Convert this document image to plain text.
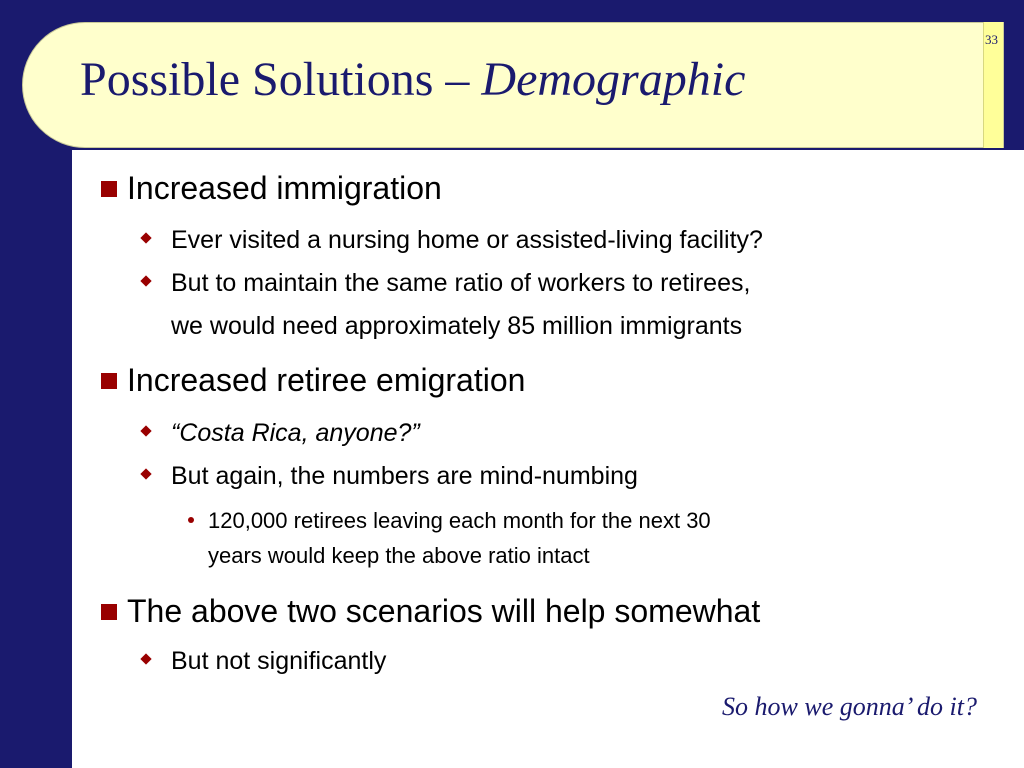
33
Possible Solutions – Demographic
Increased immigration
Ever visited a nursing home or assisted-living facility?
But to maintain the same ratio of workers to retirees,
we would need approximately 85 million immigrants
Increased retiree emigration
“Costa Rica, anyone?”
But again, the numbers are mind-numbing
120,000 retirees leaving each month for the next 30
years would keep the above ratio intact
The above two scenarios will help somewhat
But not significantly
So how we gonna’ do it?
